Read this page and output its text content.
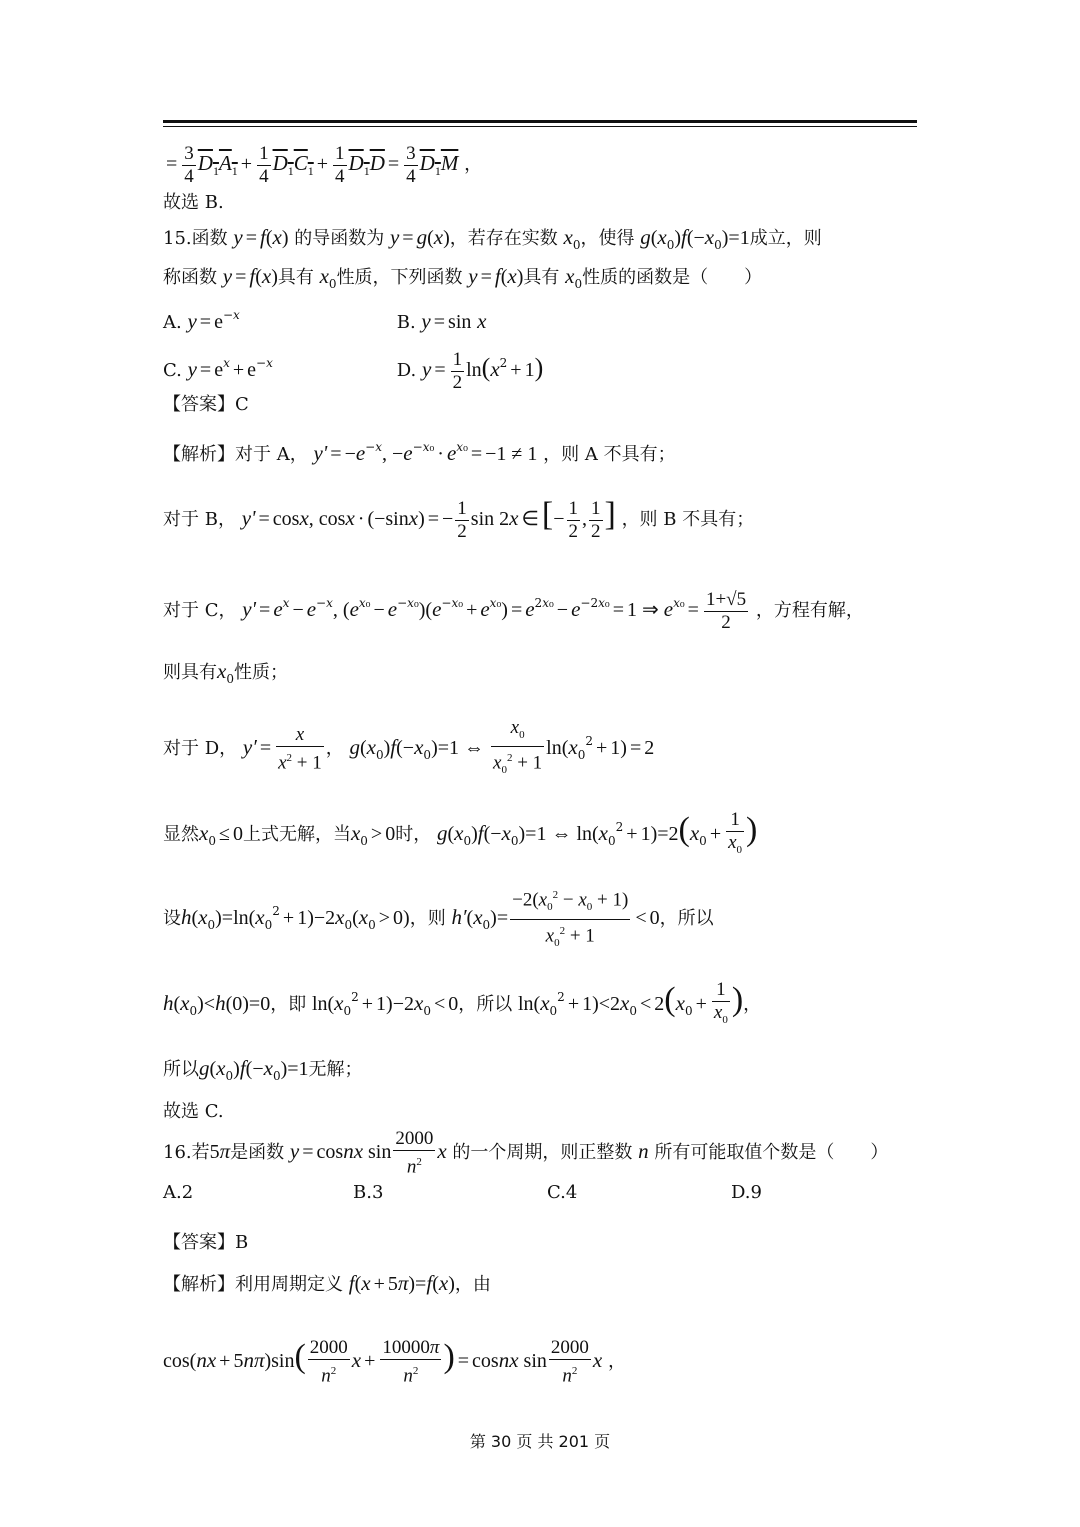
= $\frac{3}{4} D_1A_1 + \frac{1}{4} D_1C_1 + \frac{1}{4} D_1D = \frac{3}{4} D_1M$ ，
故选 B.
15.函数 y = f(x) 的导函数为 y = g(x)，若存在实数 $x_0$，使得 $g(x_0)f(-x_0)=1$成立，则
称函数 y = f(x)具有 $x_0$性质，下列函数 y = f(x)具有 $x_0$性质的函数是（　　）
A. $y = e^{-x}$	B. y = sin x
C. $y = e^x + e^{-x}$	D. $y = \frac{1}{2} \ln(x^2 + 1)$
【答案】C
【解析】对于 A， $y' = -e^{-x}$, $-e^{-x_0} \cdot e^{x_0} = -1 \ne 1$ ，则 A 不具有；
对于 B， y' = cosx, cosx · (−sinx) = − $\frac{1}{2}$ sin 2x ∈[− $\frac{1}{2}$ , $\frac{1}{2}$ ] ，则 B 不具有；
对于 C， $y' = e^x - e^{-x}$, $(e^{x_0} - e^{-x_0})(e^{-x_0} + e^{x_0}) = e^{2x_0} - e^{-2x_0} = 1$ ⇒ $e^{x_0} = \frac{1+√5}{2}$ ，方程有解，
则具有$x_0$性质；
对于 D， $y' = \frac{x}{x^2 + 1}$ ， $g(x_0)f(-x_0)=1$ ⇔ $\frac{x_0}{x_0^2 + 1} \ln(x_0^2 + 1) = 2$
显然$x_0 \le 0$上式无解，当$x_0 > 0$时， $g(x_0)f(-x_0)=1$ ⇔ $\ln(x_0^2 + 1)=2(x_0 + \frac{1}{x_0}$ )
设$h(x_0)=\ln(x_0^2 + 1)-2x_0(x_0 > 0)$，则 $h'(x_0)= \frac{-2(x_0^2 - x_0 + 1)}{x_0^2 + 1} < 0$，所以
$h(x_0)<h(0)=0$，即 $\ln(x_0^2 + 1)-2x_0 < 0$，所以 $\ln(x_0^2 + 1)<2x_0 < 2(x_0 + \frac{1}{x_0}$ )，
所以$g(x_0)f(-x_0)=1$无解；
故选 C.
16.若5π是函数 y = cosnx $\sin \frac{2000}{n^2}$ x 的一个周期，则正整数 n 所有可能取值个数是（　　）
A.2	B.3	C.4	D.9
【答案】B
【解析】利用周期定义 f(x + 5π)=f(x)，由
$\cos(nx + 5n\pi)\sin( \frac{2000}{n^2}$ $x + \frac{10000\pi}{n^2}$ ) = cosnx $\sin \frac{2000}{n^2}$ x ，
第 30 页 共 201 页
